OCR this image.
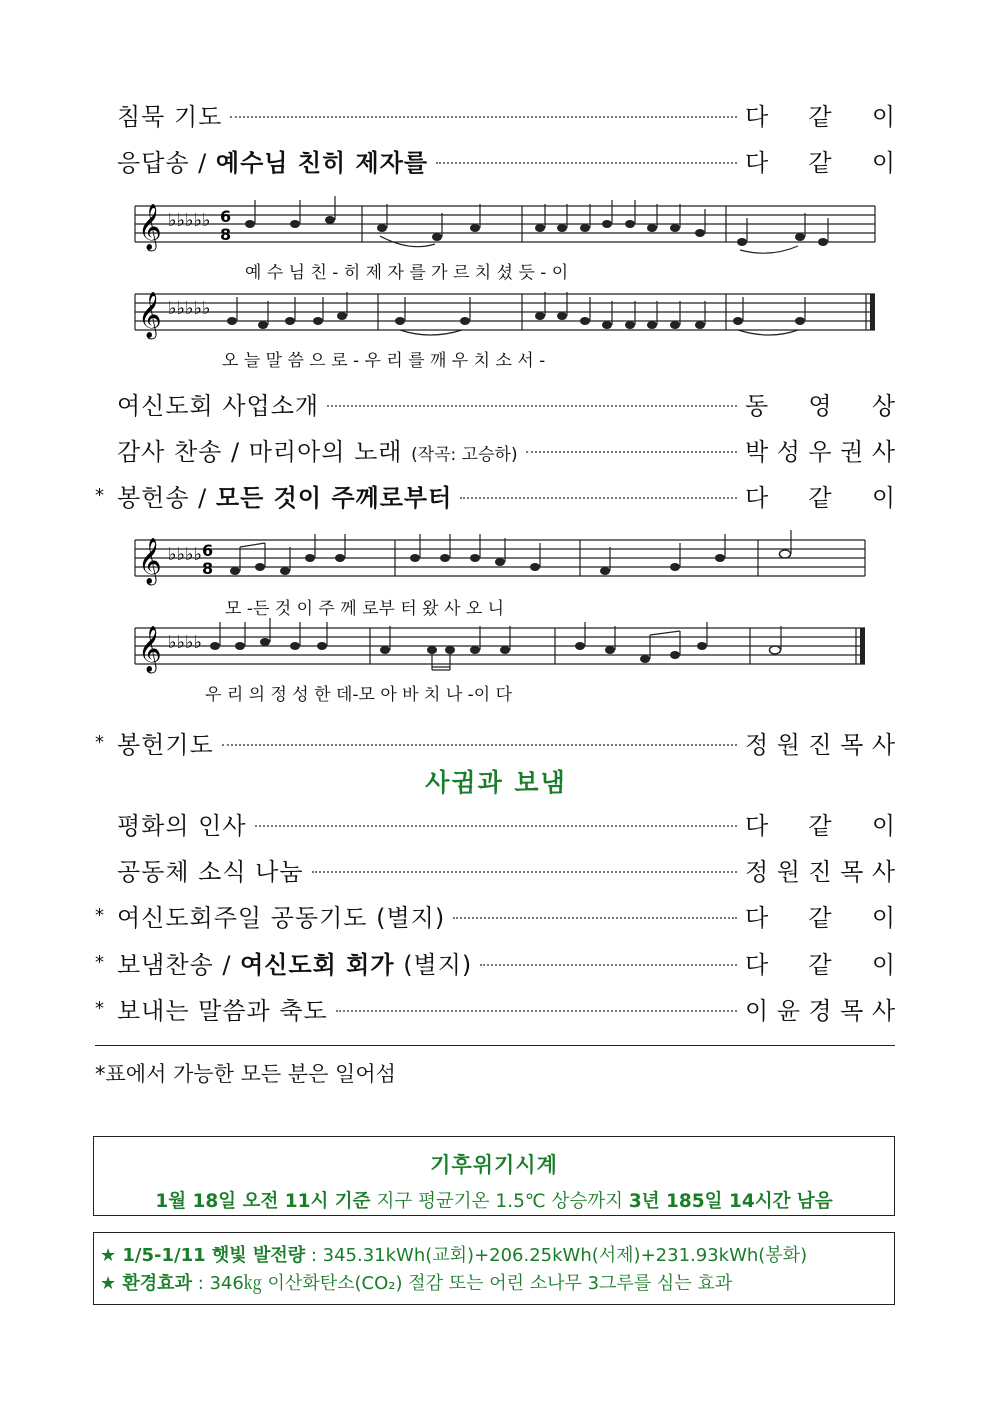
침묵 기도	다 같 이
응답송 / 예수님 친히 제자를	다 같 이
여신도회 사업소개	동 영 상
감사 찬송 / 마리아의 노래 (작곡: 고승하)	박 성 우 권 사
* 봉헌송 / 모든 것이 주께로부터	다 같 이
* 봉헌기도	정 원 진 목 사
평화의 인사	다 같 이
공동체 소식 나눔	정 원 진 목 사
* 여신도회주일 공동기도 (별지)	다 같 이
* 보냄찬송 / 여신도회 회가 (별지)	다 같 이
* 보내는 말씀과 축도	이 윤 경 목 사
𝄞 ♭♭♭♭♭ 6
8
예 수 님 친 - 히 제 자 를 가 르 치 셨 듯 - 이
𝄞 ♭♭♭♭♭
오 늘 말 씀 으 로 - 우 리 를 깨 우 치 소 서 -
𝄞 ♭♭♭♭ 6
8
모 -든 것 이 주 께 로부 터 왔 사 오 니
𝄞 ♭♭♭♭
우 리 의 정 성 한 데-모 아 바 치 나 -이 다
사귐과 보냄
*표에서 가능한 모든 분은 일어섬
기후위기시계
1월 18일 오전 11시 기준 지구 평균기온 1.5℃ 상승까지 3년 185일 14시간 남음
★ 1/5-1/11 햇빛 발전량 : 345.31kWh(교회)+206.25kWh(서제)+231.93kWh(봉화)
★ 환경효과 : 346㎏ 이산화탄소(CO₂) 절감 또는 어린 소나무 3그루를 심는 효과
